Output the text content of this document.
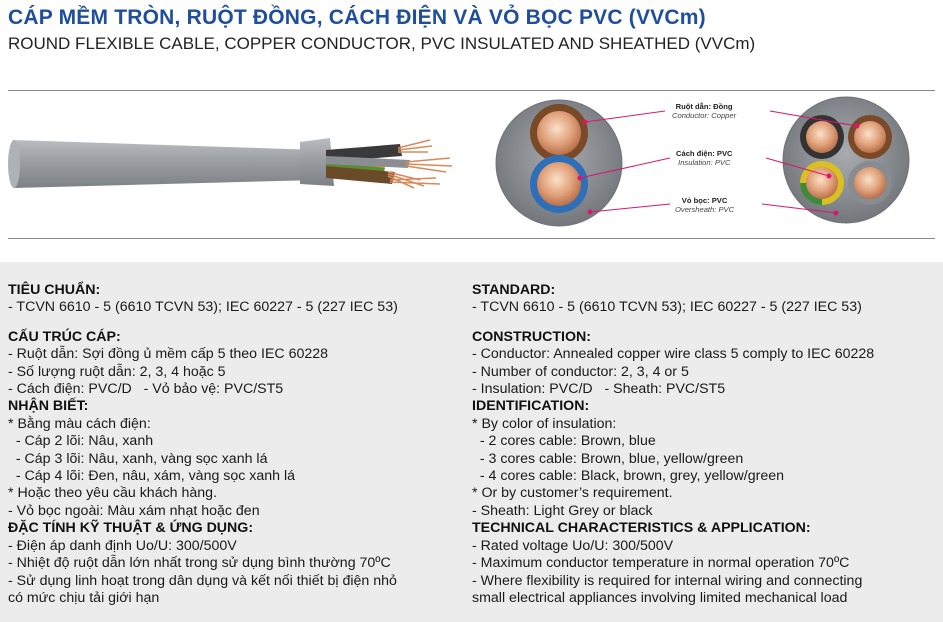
CÁP MỀM TRÒN, RUỘT ĐỒNG, CÁCH ĐIỆN VÀ VỎ BỌC PVC (VVCm)
ROUND FLEXIBLE CABLE, COPPER CONDUCTOR, PVC INSULATED AND SHEATHED (VVCm)
Ruột dẫn: Đồng
Conductor: Copper
Cách điện: PVC
Insulation: PVC
Vỏ bọc: PVC
Oversheath: PVC
TIÊU CHUẨN:
- TCVN 6610 - 5 (6610 TCVN 53); IEC 60227 - 5 (227 IEC 53)
CẤU TRÚC CÁP:
- Ruột dẫn: Sợi đồng ủ mềm cấp 5 theo IEC 60228
- Số lượng ruột dẫn: 2, 3, 4 hoặc 5
- Cách điện: PVC/D   - Vỏ bảo vệ: PVC/ST5
NHẬN BIẾT:
* Bằng màu cách điện:
- Cáp 2 lõi: Nâu, xanh
- Cáp 3 lõi: Nâu, xanh, vàng sọc xanh lá
- Cáp 4 lõi: Đen, nâu, xám, vàng sọc xanh lá
* Hoặc theo yêu cầu khách hàng.
- Vỏ bọc ngoài: Màu xám nhạt hoặc đen
ĐẶC TÍNH KỸ THUẬT & ỨNG DỤNG:
- Điện áp danh định Uo/U: 300/500V
- Nhiệt độ ruột dẫn lớn nhất trong sử dụng bình thường 70ºC
- Sử dụng linh hoạt trong dân dụng và kết nối thiết bị điện nhỏ
có mức chịu tải giới hạn
STANDARD:
- TCVN 6610 - 5 (6610 TCVN 53); IEC 60227 - 5 (227 IEC 53)
CONSTRUCTION:
- Conductor: Annealed copper wire class 5 comply to IEC 60228
- Number of conductor: 2, 3, 4 or 5
- Insulation: PVC/D   - Sheath: PVC/ST5
IDENTIFICATION:
* By color of insulation:
- 2 cores cable: Brown, blue
- 3 cores cable: Brown, blue, yellow/green
- 4 cores cable: Black, brown, grey, yellow/green
* Or by customer’s requirement.
- Sheath: Light Grey or black
TECHNICAL CHARACTERISTICS & APPLICATION:
- Rated voltage Uo/U: 300/500V
- Maximum conductor temperature in normal operation 70ºC
- Where flexibility is required for internal wiring and connecting
small electrical appliances involving limited mechanical load
